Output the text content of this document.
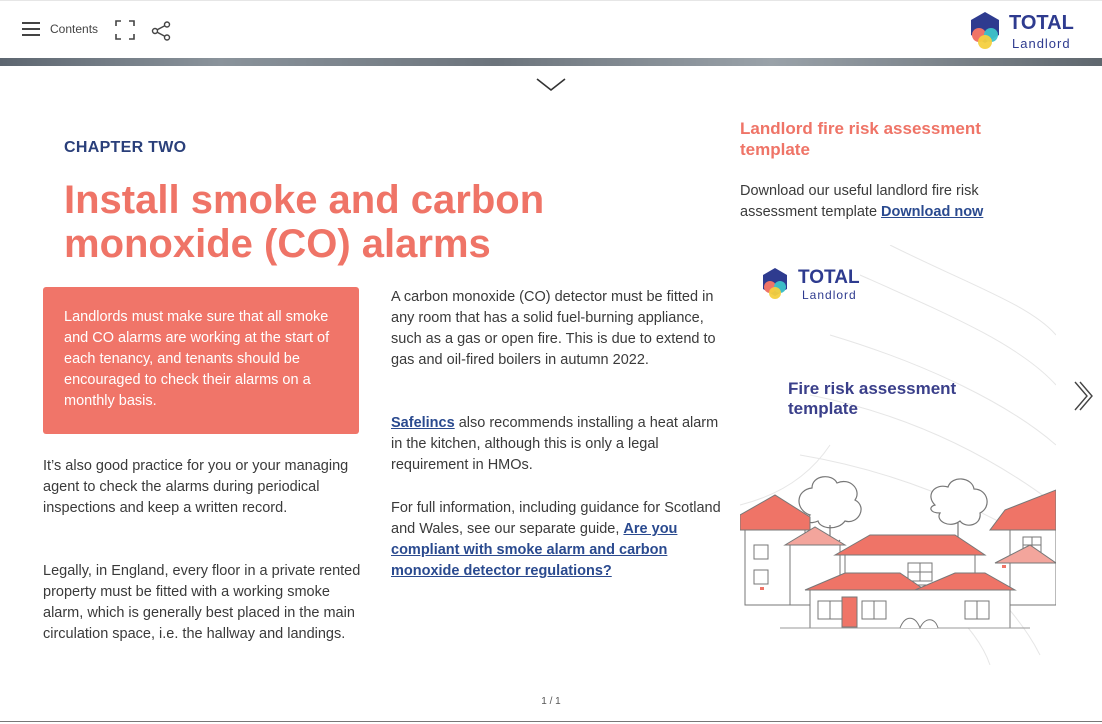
Contents	TOTAL
Landlord
CHAPTER TWO
Install smoke and carbon monoxide (CO) alarms
Landlords must make sure that all smoke and CO alarms are working at the start of each tenancy, and tenants should be encouraged to check their alarms on a monthly basis.

It’s also good practice for you or your managing agent to check the alarms during periodical inspections and keep a written record.

Legally, in England, every floor in a private rented property must be fitted with a working smoke alarm, which is generally best placed in the main circulation space, i.e. the hallway and landings.

A carbon monoxide (CO) detector must be fitted in any room that has a solid fuel-burning appliance, such as a gas or open fire. This is due to extend to gas and oil-fired boilers in autumn 2022.

Safelincs also recommends installing a heat alarm in the kitchen, although this is only a legal requirement in HMOs.

For full information, including guidance for Scotland and Wales, see our separate guide, Are you compliant with smoke alarm and carbon monoxide detector regulations?

Landlord fire risk assessment template

Download our useful landlord fire risk assessment template Download now

TOTAL
Landlord
Fire risk assessment template
1 / 1
